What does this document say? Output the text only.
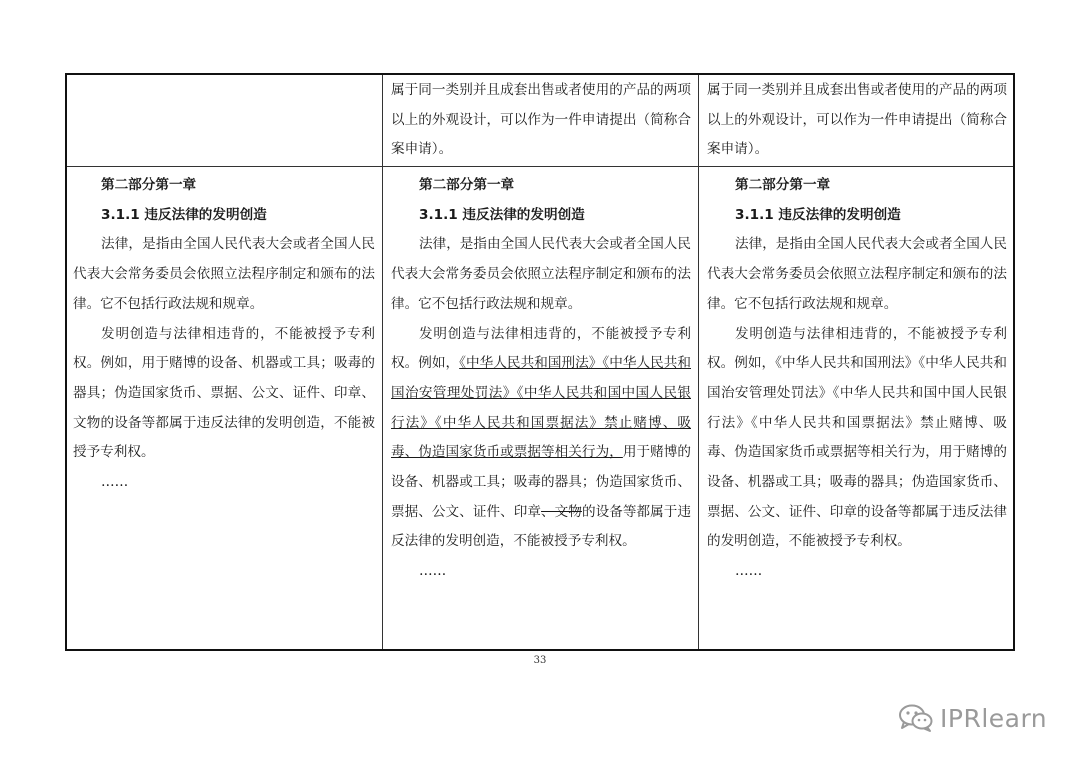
属于同一类别并且成套出售或者使用的产品的两项以上的外观设计，可以作为一件申请提出（简称合案申请）。

属于同一类别并且成套出售或者使用的产品的两项以上的外观设计，可以作为一件申请提出（简称合案申请）。

第二部分第一章

3.1.1 违反法律的发明创造

法律，是指由全国人民代表大会或者全国人民代表大会常务委员会依照立法程序制定和颁布的法律。它不包括行政法规和规章。

发明创造与法律相违背的，不能被授予专利权。例如，用于赌博的设备、机器或工具；吸毒的器具；伪造国家货币、票据、公文、证件、印章、文物的设备等都属于违反法律的发明创造，不能被授予专利权。

……

第二部分第一章

3.1.1 违反法律的发明创造

法律，是指由全国人民代表大会或者全国人民代表大会常务委员会依照立法程序制定和颁布的法律。它不包括行政法规和规章。

发明创造与法律相违背的，不能被授予专利权。例如，《中华人民共和国刑法》《中华人民共和国治安管理处罚法》《中华人民共和国中国人民银行法》《中华人民共和国票据法》禁止赌博、吸毒、伪造国家货币或票据等相关行为，用于赌博的设备、机器或工具；吸毒的器具；伪造国家货币、票据、公文、证件、印章、文物的设备等都属于违反法律的发明创造，不能被授予专利权。

……

第二部分第一章

3.1.1 违反法律的发明创造

法律，是指由全国人民代表大会或者全国人民代表大会常务委员会依照立法程序制定和颁布的法律。它不包括行政法规和规章。

发明创造与法律相违背的，不能被授予专利权。例如，《中华人民共和国刑法》《中华人民共和国治安管理处罚法》《中华人民共和国中国人民银行法》《中华人民共和国票据法》禁止赌博、吸毒、伪造国家货币或票据等相关行为，用于赌博的设备、机器或工具；吸毒的器具；伪造国家货币、票据、公文、证件、印章的设备等都属于违反法律的发明创造，不能被授予专利权。

……

33
IPRlearn
